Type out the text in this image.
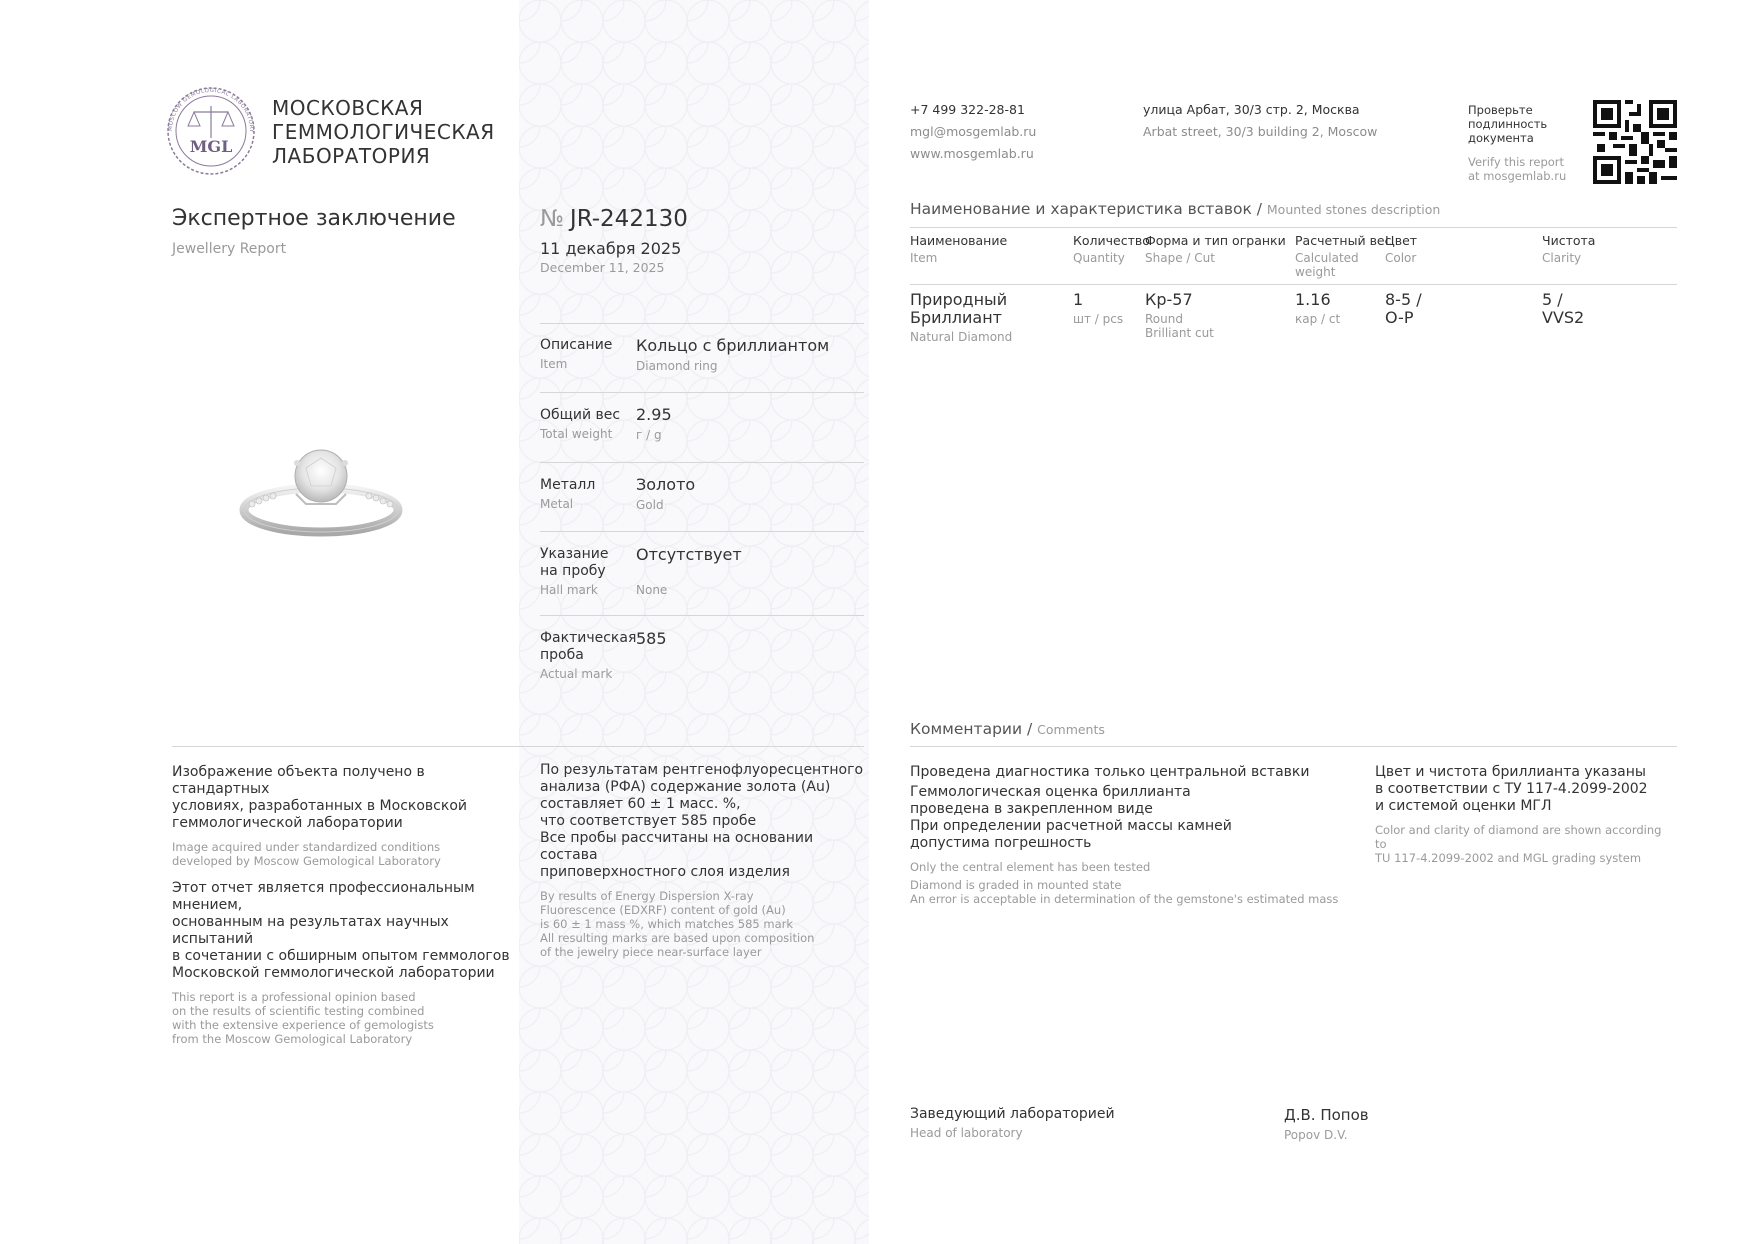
MOSCOW GEMOLOGICAL LABORATORY
MGL
МОСКОВСКАЯ
ГЕММОЛОГИЧЕСКАЯ
ЛАБОРАТОРИЯ
+7 499 322-28-81
mgl@mosgemlab.ru
www.mosgemlab.ru
улица Арбат, 30/3 стр. 2, Москва
Arbat street, 30/3 building 2, Moscow
Проверьте
подлинность
документа
Verify this report
at mosgemlab.ru
Экспертное заключение
Jewellery Report
№ JR-242130
11 декабря 2025
December 11, 2025
Описание
Item
Кольцо с бриллиантом
Diamond ring
Общий вес
Total weight
2.95
г / g
Металл
Metal
Золото
Gold
Указание
на пробу
Hall mark
Отсутствует
None
Фактическая
проба
Actual mark
585
Наименование и характеристика вставок / Mounted stones description
Наименование
Item
Количество
Quantity
Форма и тип огранки
Shape / Cut
Расчетный вес
Calculated
weight
Цвет
Color
Чистота
Clarity
Природный
Бриллиант
Natural Diamond
1
шт / pcs
Кр-57
Round
Brilliant cut
1.16
кар / ct
8-5 /
O-P
5 /
VVS2
Комментарии / Comments
Изображение объекта получено в стандартных
условиях, разработанных в Московской
геммологической лаборатории
Image acquired under standardized conditions
developed by Moscow Gemological Laboratory
Этот отчет является профессиональным мнением,
основанным на результатах научных испытаний
в сочетании с обширным опытом геммологов
Московской геммологической лаборатории
This report is a professional opinion based
on the results of scientific testing combined
with the extensive experience of gemologists
from the Moscow Gemological Laboratory
По результатам рентгенофлуоресцентного
анализа (РФА) содержание золота (Au)
составляет 60 ± 1 масс. %,
что соответствует 585 пробе
Все пробы рассчитаны на основании состава
приповерхностного слоя изделия
By results of Energy Dispersion X-ray
Fluorescence (EDXRF) content of gold (Au)
is 60 ± 1 mass %, which matches 585 mark
All resulting marks are based upon composition
of the jewelry piece near-surface layer
Проведена диагностика только центральной вставки
Геммологическая оценка бриллианта
проведена в закрепленном виде
При определении расчетной массы камней
допустима погрешность
Only the central element has been tested
Diamond is graded in mounted state
An error is acceptable in determination of the gemstone's estimated mass
Цвет и чистота бриллианта указаны
в соответствии с ТУ 117-4.2099-2002
и системой оценки МГЛ
Color and clarity of diamond are shown according to
TU 117-4.2099-2002 and MGL grading system
Заведующий лабораторией
Head of laboratory
Д.В. Попов
Popov D.V.
